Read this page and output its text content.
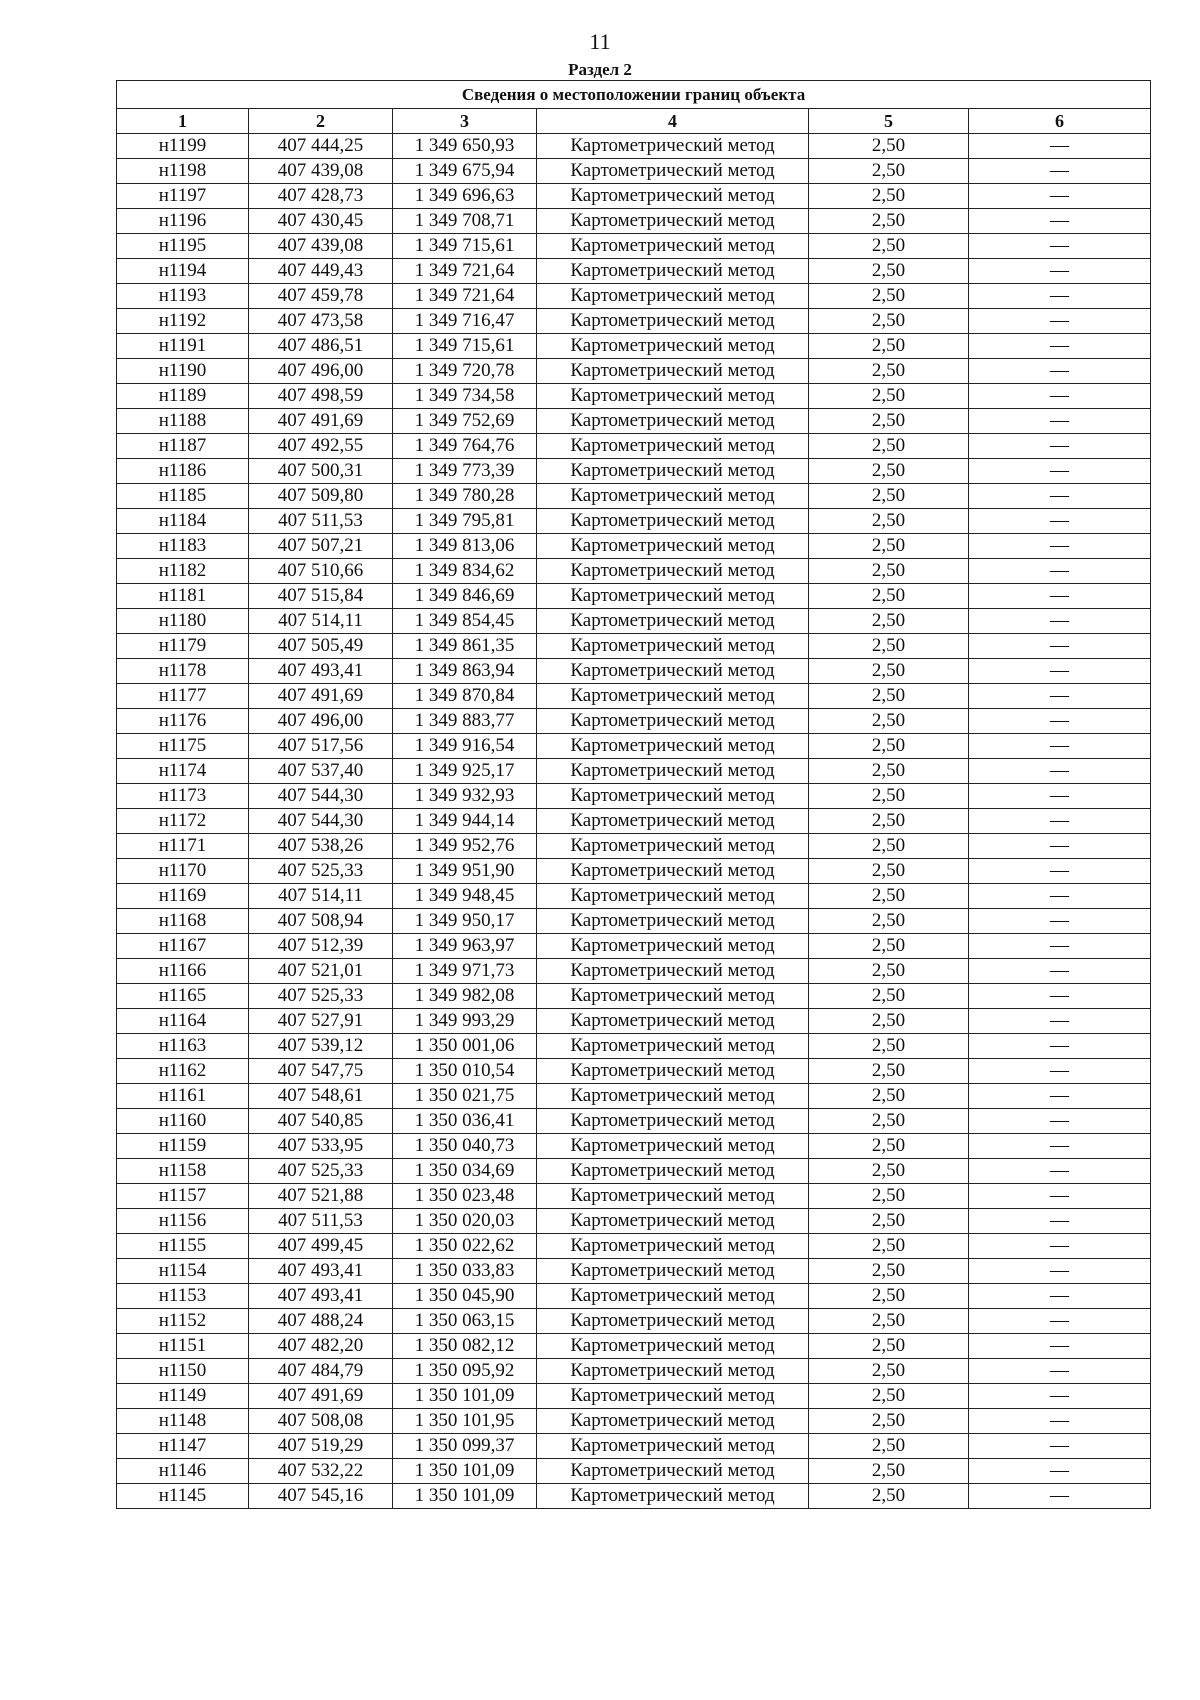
11
Раздел 2
Сведения о местоположении границ объекта					
1	2	3	4	5	6
н1199	407 444,25	1 349 650,93	Картометрический метод	2,50	—
н1198	407 439,08	1 349 675,94	Картометрический метод	2,50	—
н1197	407 428,73	1 349 696,63	Картометрический метод	2,50	—
н1196	407 430,45	1 349 708,71	Картометрический метод	2,50	—
н1195	407 439,08	1 349 715,61	Картометрический метод	2,50	—
н1194	407 449,43	1 349 721,64	Картометрический метод	2,50	—
н1193	407 459,78	1 349 721,64	Картометрический метод	2,50	—
н1192	407 473,58	1 349 716,47	Картометрический метод	2,50	—
н1191	407 486,51	1 349 715,61	Картометрический метод	2,50	—
н1190	407 496,00	1 349 720,78	Картометрический метод	2,50	—
н1189	407 498,59	1 349 734,58	Картометрический метод	2,50	—
н1188	407 491,69	1 349 752,69	Картометрический метод	2,50	—
н1187	407 492,55	1 349 764,76	Картометрический метод	2,50	—
н1186	407 500,31	1 349 773,39	Картометрический метод	2,50	—
н1185	407 509,80	1 349 780,28	Картометрический метод	2,50	—
н1184	407 511,53	1 349 795,81	Картометрический метод	2,50	—
н1183	407 507,21	1 349 813,06	Картометрический метод	2,50	—
н1182	407 510,66	1 349 834,62	Картометрический метод	2,50	—
н1181	407 515,84	1 349 846,69	Картометрический метод	2,50	—
н1180	407 514,11	1 349 854,45	Картометрический метод	2,50	—
н1179	407 505,49	1 349 861,35	Картометрический метод	2,50	—
н1178	407 493,41	1 349 863,94	Картометрический метод	2,50	—
н1177	407 491,69	1 349 870,84	Картометрический метод	2,50	—
н1176	407 496,00	1 349 883,77	Картометрический метод	2,50	—
н1175	407 517,56	1 349 916,54	Картометрический метод	2,50	—
н1174	407 537,40	1 349 925,17	Картометрический метод	2,50	—
н1173	407 544,30	1 349 932,93	Картометрический метод	2,50	—
н1172	407 544,30	1 349 944,14	Картометрический метод	2,50	—
н1171	407 538,26	1 349 952,76	Картометрический метод	2,50	—
н1170	407 525,33	1 349 951,90	Картометрический метод	2,50	—
н1169	407 514,11	1 349 948,45	Картометрический метод	2,50	—
н1168	407 508,94	1 349 950,17	Картометрический метод	2,50	—
н1167	407 512,39	1 349 963,97	Картометрический метод	2,50	—
н1166	407 521,01	1 349 971,73	Картометрический метод	2,50	—
н1165	407 525,33	1 349 982,08	Картометрический метод	2,50	—
н1164	407 527,91	1 349 993,29	Картометрический метод	2,50	—
н1163	407 539,12	1 350 001,06	Картометрический метод	2,50	—
н1162	407 547,75	1 350 010,54	Картометрический метод	2,50	—
н1161	407 548,61	1 350 021,75	Картометрический метод	2,50	—
н1160	407 540,85	1 350 036,41	Картометрический метод	2,50	—
н1159	407 533,95	1 350 040,73	Картометрический метод	2,50	—
н1158	407 525,33	1 350 034,69	Картометрический метод	2,50	—
н1157	407 521,88	1 350 023,48	Картометрический метод	2,50	—
н1156	407 511,53	1 350 020,03	Картометрический метод	2,50	—
н1155	407 499,45	1 350 022,62	Картометрический метод	2,50	—
н1154	407 493,41	1 350 033,83	Картометрический метод	2,50	—
н1153	407 493,41	1 350 045,90	Картометрический метод	2,50	—
н1152	407 488,24	1 350 063,15	Картометрический метод	2,50	—
н1151	407 482,20	1 350 082,12	Картометрический метод	2,50	—
н1150	407 484,79	1 350 095,92	Картометрический метод	2,50	—
н1149	407 491,69	1 350 101,09	Картометрический метод	2,50	—
н1148	407 508,08	1 350 101,95	Картометрический метод	2,50	—
н1147	407 519,29	1 350 099,37	Картометрический метод	2,50	—
н1146	407 532,22	1 350 101,09	Картометрический метод	2,50	—
н1145	407 545,16	1 350 101,09	Картометрический метод	2,50	—
